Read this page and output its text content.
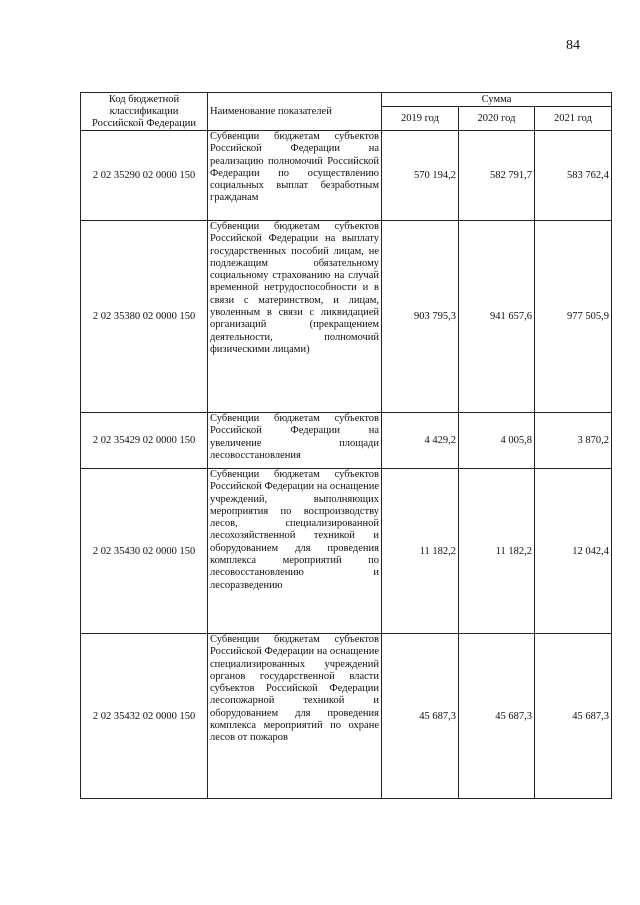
84
Код бюджетной классификации Российской Федерации	Наименование показателей	Сумма		
		2019 год	2020 год	2021 год
2 02 35290 02 0000 150	Субвенции бюджетам субъектов Российской Федерации на реализацию полномочий Российской Федерации по осуществлению социальных выплат безработным гражданам	570 194,2	582 791,7	583 762,4
2 02 35380 02 0000 150	Субвенции бюджетам субъектов Российской Федерации на выплату государственных пособий лицам, не подлежащим обязательному социальному страхованию на случай временной нетрудоспособности и в связи с материнством, и лицам, уволенным в связи с ликвидацией организаций (прекращением деятельности, полномочий физическими лицами)	903 795,3	941 657,6	977 505,9
2 02 35429 02 0000 150	Субвенции бюджетам субъектов Российской Федерации на увеличение площади лесовосстановления	4 429,2	4 005,8	3 870,2
2 02 35430 02 0000 150	Субвенции бюджетам субъектов Российской Федерации на оснащение учреждений, выполняющих мероприятия по воспроизводству лесов, специализированной лесохозяйственной техникой и оборудованием для проведения комплекса мероприятий по лесовосстановлению и лесоразведению	11 182,2	11 182,2	12 042,4
2 02 35432 02 0000 150	Субвенции бюджетам субъектов Российской Федерации на оснащение специализированных учреждений органов государственной власти субъектов Российской Федерации лесопожарной техникой и оборудованием для проведения комплекса мероприятий по охране лесов от пожаров	45 687,3	45 687,3	45 687,3
